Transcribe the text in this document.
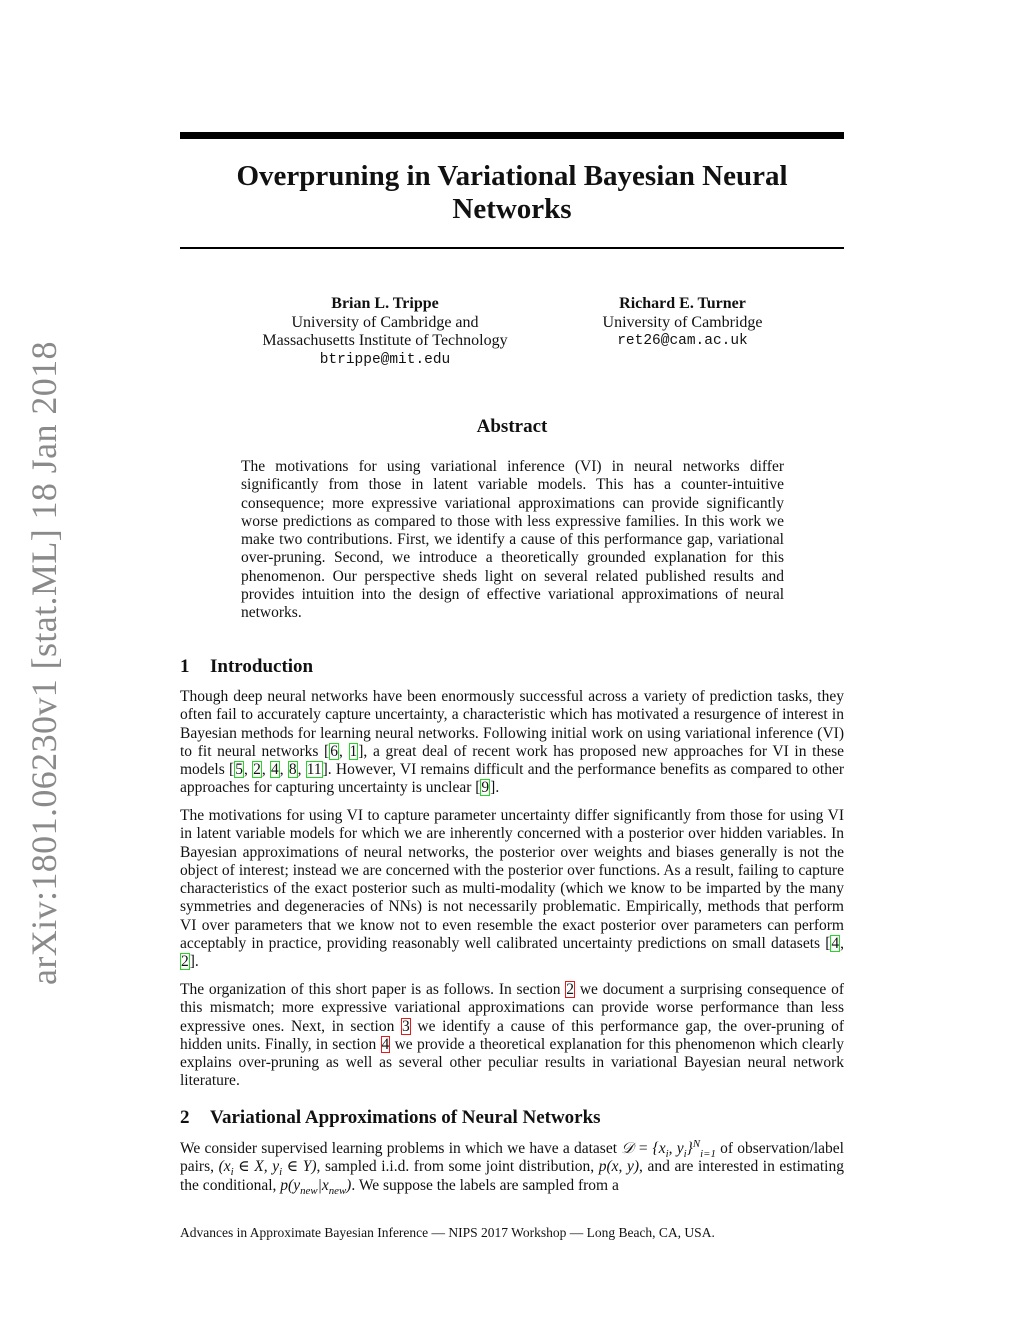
arXiv:1801.06230v1 [stat.ML] 18 Jan 2018
Overpruning in Variational Bayesian Neural Networks
Brian L. Trippe
University of Cambridge and
Massachusetts Institute of Technology
btrippe@mit.edu
Richard E. Turner
University of Cambridge
ret26@cam.ac.uk
Abstract

The motivations for using variational inference (VI) in neural networks differ significantly from those in latent variable models. This has a counter-intuitive consequence; more expressive variational approximations can provide significantly worse predictions as compared to those with less expressive families. In this work we make two contributions. First, we identify a cause of this performance gap, variational over-pruning. Second, we introduce a theoretically grounded explanation for this phenomenon. Our perspective sheds light on several related published results and provides intuition into the design of effective variational approximations of neural networks.

1 Introduction

Though deep neural networks have been enormously successful across a variety of prediction tasks, they often fail to accurately capture uncertainty, a characteristic which has motivated a resurgence of interest in Bayesian methods for learning neural networks. Following initial work on using variational inference (VI) to fit neural networks [6, 1], a great deal of recent work has proposed new approaches for VI in these models [5, 2, 4, 8, 11]. However, VI remains difficult and the performance benefits as compared to other approaches for capturing uncertainty is unclear [9].

The motivations for using VI to capture parameter uncertainty differ significantly from those for using VI in latent variable models for which we are inherently concerned with a posterior over hidden variables. In Bayesian approximations of neural networks, the posterior over weights and biases generally is not the object of interest; instead we are concerned with the posterior over functions. As a result, failing to capture characteristics of the exact posterior such as multi-modality (which we know to be imparted by the many symmetries and degeneracies of NNs) is not necessarily problematic. Empirically, methods that perform VI over parameters that we know not to even resemble the exact posterior over parameters can perform acceptably in practice, providing reasonably well calibrated uncertainty predictions on small datasets [4, 2].

The organization of this short paper is as follows. In section 2 we document a surprising consequence of this mismatch; more expressive variational approximations can provide worse performance than less expressive ones. Next, in section 3 we identify a cause of this performance gap, the over-pruning of hidden units. Finally, in section 4 we provide a theoretical explanation for this phenomenon which clearly explains over-pruning as well as several other peculiar results in variational Bayesian neural network literature.

2 Variational Approximations of Neural Networks

We consider supervised learning problems in which we have a dataset 𝒟 = {$x_i$, $y_i\}^N_{i=1}$ of observation/label pairs, ($x_i$ ∈ X, $y_i$ ∈ Y), sampled i.i.d. from some joint distribution, p(x, y), and are interested in estimating the conditional, $p(y_{new}|x_{new})$. We suppose the labels are sampled from a

Advances in Approximate Bayesian Inference — NIPS 2017 Workshop — Long Beach, CA, USA.
